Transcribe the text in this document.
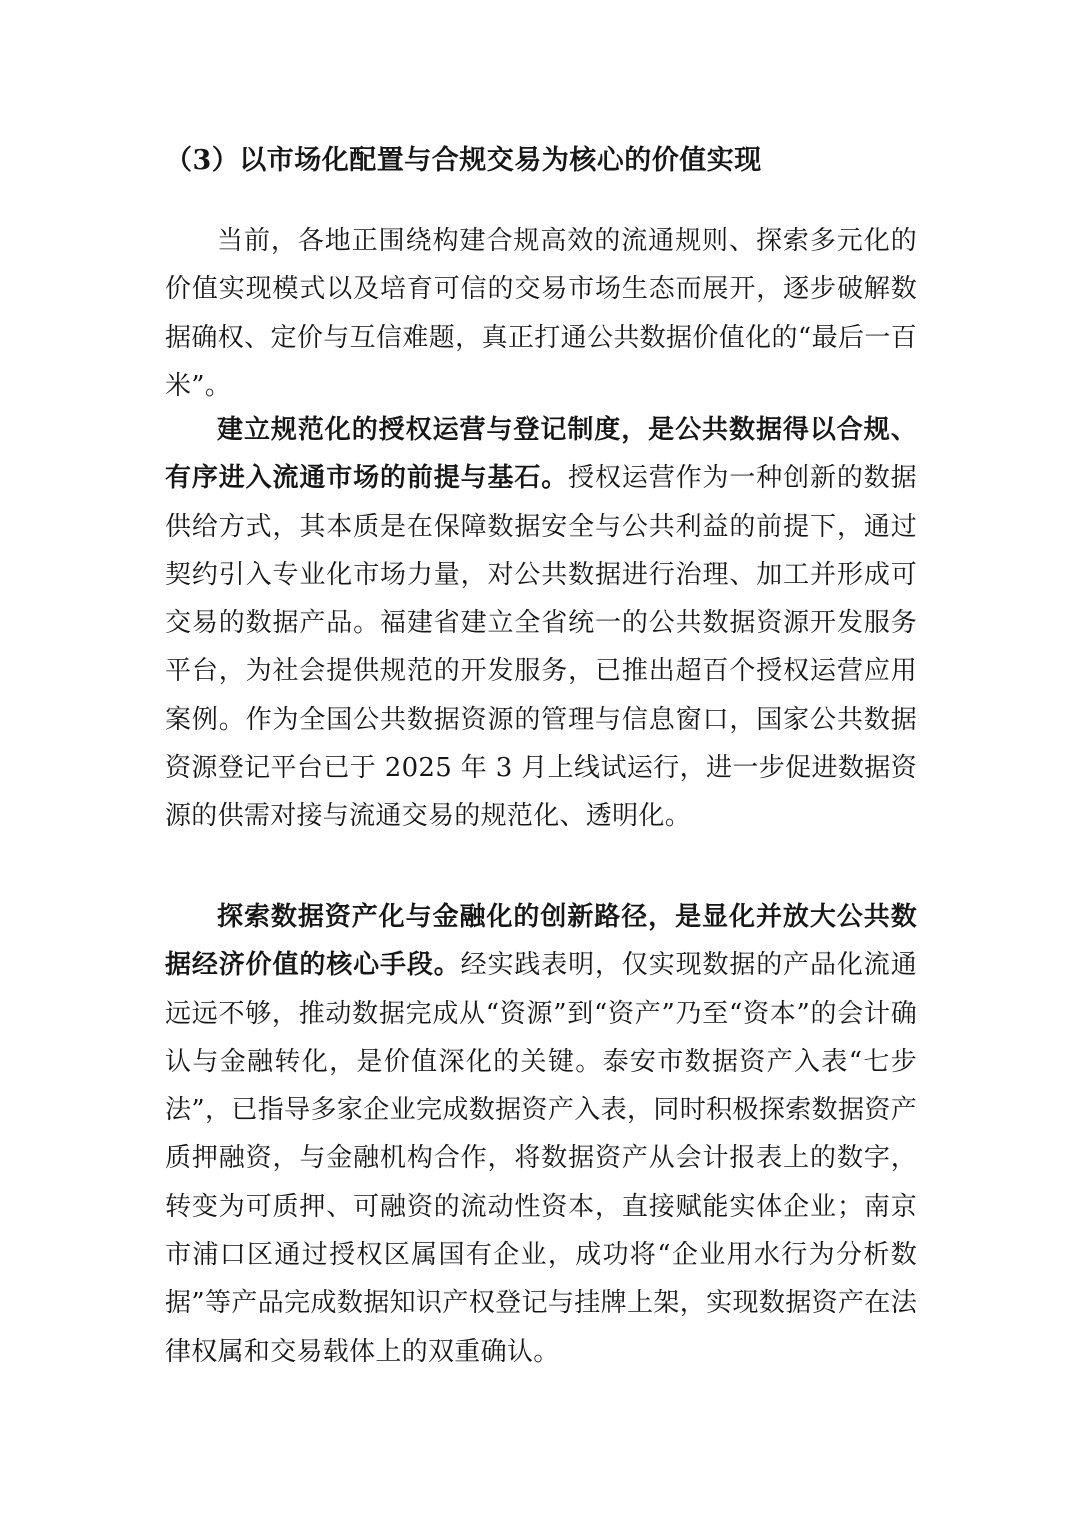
（3）以市场化配置与合规交易为核心的价值实现

当前，各地正围绕构建合规高效的流通规则、探索多元化的价值实现模式以及培育可信的交易市场生态而展开，逐步破解数据确权、定价与互信难题，真正打通公共数据价值化的“最后一百米”。

建立规范化的授权运营与登记制度，是公共数据得以合规、有序进入流通市场的前提与基石。授权运营作为一种创新的数据供给方式，其本质是在保障数据安全与公共利益的前提下，通过契约引入专业化市场力量，对公共数据进行治理、加工并形成可交易的数据产品。福建省建立全省统一的公共数据资源开发服务平台，为社会提供规范的开发服务，已推出超百个授权运营应用案例。作为全国公共数据资源的管理与信息窗口，国家公共数据资源登记平台已于 2025 年 3 月上线试运行，进一步促进数据资源的供需对接与流通交易的规范化、透明化。

探索数据资产化与金融化的创新路径，是显化并放大公共数据经济价值的核心手段。经实践表明，仅实现数据的产品化流通远远不够，推动数据完成从“资源”到“资产”乃至“资本”的会计确认与金融转化，是价值深化的关键。泰安市数据资产入表“七步法”，已指导多家企业完成数据资产入表，同时积极探索数据资产质押融资，与金融机构合作，将数据资产从会计报表上的数字，转变为可质押、可融资的流动性资本，直接赋能实体企业；南京市浦口区通过授权区属国有企业，成功将“企业用水行为分析数据”等产品完成数据知识产权登记与挂牌上架，实现数据资产在法律权属和交易载体上的双重确认。
